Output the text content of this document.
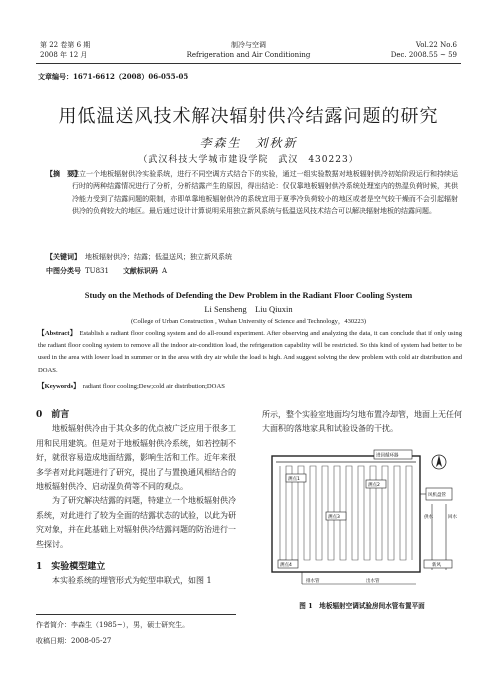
第 22 卷第 6 期
2008 年 12 月
制冷与空调
Refrigeration and Air Conditioning
Vol.22 No.6
Dec. 2008.55 ~ 59
文章编号：1671-6612（2008）06-055-05
用低温送风技术解决辐射供冷结露问题的研究
李森生　刘秋新
（武汉科技大学城市建设学院　武汉　430223）
【摘　要】
建立一个地板辐射供冷实验系统，进行不同空调方式结合下的实验，通过一组实验数据对地板辐射供冷初始阶段运行和持续运行时的两种结露情况进行了分析，分析结露产生的原因，得出结论：仅仅靠地板辐射供冷系统处理室内的热湿负荷时候，其供冷能力受到了结露问题的限制，亦即单靠地板辐射供冷的系统宜用于夏季冷负荷较小的地区或者是空气较干燥而不会引起辐射供冷的负荷较大的地区。最后通过设计计算说明采用独立新风系统与低温送风技术结合可以解决辐射地板的结露问题。
【关键词】 地板辐射供冷；结露；低温送风；独立新风系统
中图分类号 TU831 文献标识码 A
Study on the Methods of Defending the Dew Problem in the Radiant Floor Cooling System
Li Sensheng　Liu Qiuxin
(College of Urban Construction , Wuhan University of Science and Technology，430223)
【Abstract】 Establish a radiant floor cooling system and do all-round experiment. After observing and analyzing the data, it can conclude that if only using the radiant floor cooling system to remove all the indoor air-condition load, the refrigeration capability will be restricted. So this kind of system had better to be used in the area with lower load in summer or in the area with dry air while the load is high. And suggest solving the dew problem with cold air distribution and DOAS.
【Keywords】 radiant floor cooling;Dew;cold air distribution;DOAS
0　前言

地板辐射供冷由于其众多的优点被广泛应用于很多工用和民用建筑。但是对于地板辐射供冷系统，如若控制不好，就很容易造成地面结露，影响生活和工作。近年来很多学者对此问题进行了研究，提出了与置换通风相结合的地板辐射供冷、启动湿负荷等不同的观点。

为了研究解决结露的问题，特建立一个地板辐射供冷系统，对此进行了较为全面的结露状态的试验，以此为研究对象，并在此基础上对辐射供冷结露问题的防治进行一些探讨。

1　实验模型建立

本实验系统的埋管形式为蛇型串联式，如图 1

所示，整个实验室地面均匀地布置冷却管，地面上无任何大面积的落地家具和试验设备的干扰。

测点1
测点2
测点3
测点4
进回循环器
风机盘管
供水	回水
排水管	出水管
新风
图 1　地板辐射空调试验房间水管布置平面
作者简介：李森生（1985~），男，硕士研究生。
收稿日期：2008-05-27
